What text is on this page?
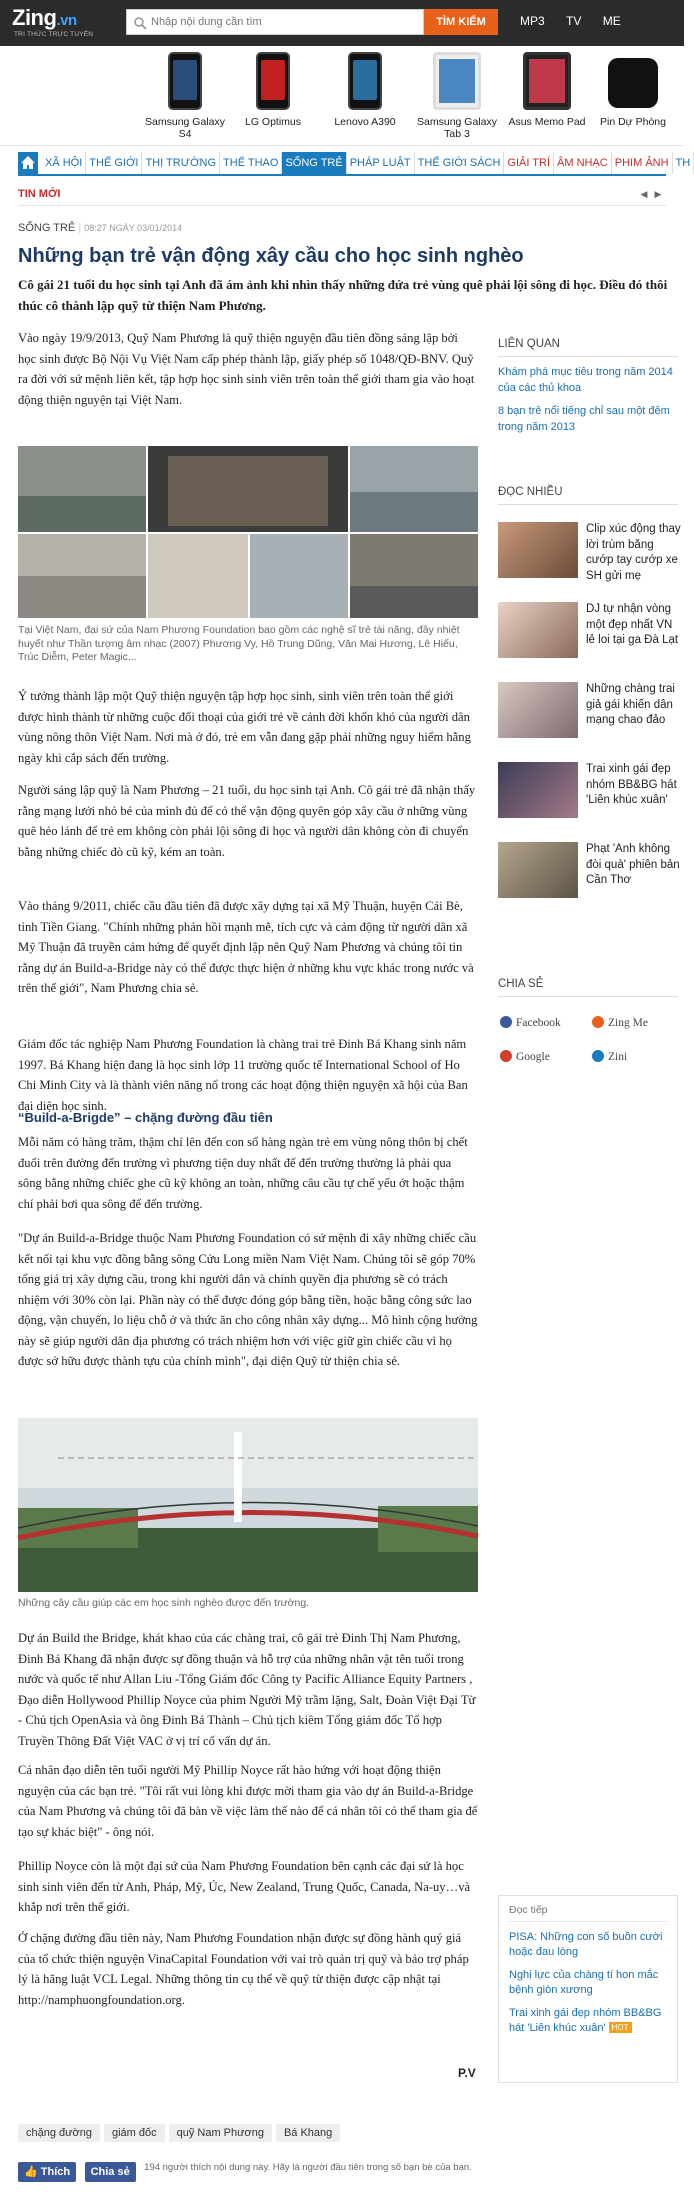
Zing.vn
TRI THỨC TRỰC TUYẾN
Nhập nội dung cần tìm
TÌM KIẾM	MP3 TV ME
Samsung Galaxy S4
LG Optimus	Lenovo A390	Samsung Galaxy Tab 3
Asus Memo Pad	Pin Dự Phòng
XÃ HỘI THẾ GIỚI THỊ TRƯỜNG THỂ THAO SỐNG TRẺ PHÁP LUẬT THẾ GIỚI SÁCH GIẢI TRÍ ÂM NHẠC PHIM ẢNH TH
TIN MỚI	◀ ▶
SỐNG TRẺ | 08:27 NGÀY 03/01/2014
Những bạn trẻ vận động xây cầu cho học sinh nghèo

Cô gái 21 tuổi du học sinh tại Anh đã ám ảnh khi nhìn thấy những đứa trẻ vùng quê phải lội sông đi học. Điều đó thôi thúc cô thành lập quỹ từ thiện Nam Phương.

Vào ngày 19/9/2013, Quỹ Nam Phương là quỹ thiện nguyện đầu tiên đồng sáng lập bởi học sinh được Bộ Nội Vụ Việt Nam cấp phép thành lập, giấy phép số 1048/QĐ-BNV. Quỹ ra đời với sứ mệnh liên kết, tập hợp học sinh sinh viên trên toàn thế giới tham gia vào hoạt động thiện nguyện tại Việt Nam.

Tại Việt Nam, đại sứ của Nam Phương Foundation bao gồm các nghệ sĩ trẻ tài năng, đầy nhiệt huyết như Thần tượng âm nhạc (2007) Phương Vy, Hồ Trung Dũng, Văn Mai Hương, Lê Hiếu, Trúc Diễm, Peter Magic...

Ý tưởng thành lập một Quỹ thiện nguyện tập hợp học sinh, sinh viên trên toàn thế giới được hình thành từ những cuộc đối thoại của giới trẻ về cảnh đời khốn khó của người dân vùng nông thôn Việt Nam. Nơi mà ở đó, trẻ em vẫn đang gặp phải những nguy hiểm hằng ngày khi cắp sách đến trường.

Người sáng lập quỹ là Nam Phương – 21 tuổi, du học sinh tại Anh. Cô gái trẻ đã nhận thấy rằng mạng lưới nhỏ bé của mình đủ để có thể vận động quyên góp xây cầu ở những vùng quê hẻo lánh để trẻ em không còn phải lội sông đi học và người dân không còn đi chuyển bằng những chiếc đò cũ kỹ, kém an toàn.

Vào tháng 9/2011, chiếc cầu đầu tiên đã được xây dựng tại xã Mỹ Thuận, huyện Cái Bè, tỉnh Tiền Giang. "Chính những phản hồi mạnh mẽ, tích cực và cảm động từ người dân xã Mỹ Thuận đã truyền cảm hứng để quyết định lập nên Quỹ Nam Phương và chúng tôi tin rằng dự án Build-a-Bridge này có thể được thực hiện ở những khu vực khác trong nước và trên thế giới", Nam Phương chia sẻ.

Giám đốc tác nghiệp Nam Phương Foundation là chàng trai trẻ Đinh Bá Khang sinh năm 1997. Bá Khang hiện đang là học sinh lớp 11 trường quốc tế International School of Ho Chi Minh City và là thành viên năng nổ trong các hoạt động thiện nguyện xã hội của Ban đại diện học sinh.

“Build-a-Brigde” – chặng đường đầu tiên

Mỗi năm có hàng trăm, thậm chí lên đến con số hàng ngàn trẻ em vùng nông thôn bị chết đuối trên đường đến trường vì phương tiện duy nhất để đến trường thường là phải qua sông bằng những chiếc ghe cũ kỹ không an toàn, những câu cầu tự chế yếu ớt hoặc thậm chí phải bơi qua sông để đến trường.

"Dự án Build-a-Bridge thuộc Nam Phương Foundation có sứ mệnh đi xây những chiếc cầu kết nối tại khu vực đồng bằng sông Cửu Long miền Nam Việt Nam. Chúng tôi sẽ góp 70% tổng giá trị xây dựng cầu, trong khi người dân và chính quyền địa phương sẽ có trách nhiệm với 30% còn lại. Phần này có thể được đóng góp bằng tiền, hoặc bằng công sức lao động, vận chuyển, lo liệu chỗ ở và thức ăn cho công nhân xây dựng... Mô hình cộng hưởng này sẽ giúp người dân địa phương có trách nhiệm hơn với việc giữ gìn chiếc cầu vì họ được sở hữu được thành tựu của chính mình", đại diện Quỹ từ thiện chia sẻ.

Những cây cầu giúp các em học sinh nghèo được đến trường.

Dự án Build the Bridge, khát khao của các chàng trai, cô gái trẻ Đinh Thị Nam Phương, Đinh Bá Khang đã nhận được sự đồng thuận và hỗ trợ của những nhân vật tên tuổi trong nước và quốc tế như Allan Liu -Tổng Giám đốc Công ty Pacific Alliance Equity Partners , Đạo diễn Hollywood Phillip Noyce của phim Người Mỹ trầm lặng, Salt, Đoàn Việt Đại Từ - Chủ tịch OpenAsia và ông Đinh Bá Thành – Chủ tịch kiêm Tổng giám đốc Tổ hợp Truyền Thông Đất Việt VAC ở vị trí cố vấn dự án.

Cá nhân đạo diễn tên tuổi người Mỹ Phillip Noyce rất hào hứng với hoạt động thiện nguyện của các bạn trẻ. "Tôi rất vui lòng khi được mời tham gia vào dự án Build-a-Bridge của Nam Phương và chúng tôi đã bàn về việc làm thế nào để cá nhân tôi có thể tham gia để tạo sự khác biệt" - ông nói.

Phillip Noyce còn là một đại sứ của Nam Phương Foundation bên cạnh các đại sứ là học sinh sinh viên đến từ Anh, Pháp, Mỹ, Úc, New Zealand, Trung Quốc, Canada, Na-uy…và khắp nơi trên thế giới.

Ở chặng đường đầu tiên này, Nam Phương Foundation nhận được sự đồng hành quý giá của tổ chức thiện nguyện VinaCapital Foundation với vai trò quản trị quỹ và bảo trợ pháp lý là hãng luật VCL Legal. Những thông tin cụ thể về quỹ từ thiện được cập nhật tại http://namphuongfoundation.org.

P.V
chặng đường giám đốc quỹ Nam Phương Bá Khang
👍 Thích Chia sẻ 194 người thích nội dung này. Hãy là người đầu tiên trong số bạn bè của bạn.
LIÊN QUAN
Khám phá mục tiêu trong năm 2014 của các thủ khoa
8 bạn trẻ nổi tiếng chỉ sau một đêm trong năm 2013
ĐỌC NHIỀU
Clip xúc động thay lời trùm băng cướp tay cướp xe SH gửi mẹ
DJ tự nhận vòng một đẹp nhất VN lẻ loi tại ga Đà Lạt
Những chàng trai giả gái khiến dân mạng chao đảo
Trai xinh gái đẹp nhóm BB&BG hát 'Liên khúc xuân'
Phạt 'Anh không đòi quà' phiên bản Cần Thơ
CHIA SẺ
Facebook	Zing Me
Google	Zini
Đọc tiếp
PISA: Những con số buồn cười hoặc đau lòng
Nghị lực của chàng tí hon mắc bệnh giòn xương
Trai xinh gái đẹp nhóm BB&BG hát 'Liên khúc xuân' HOT
